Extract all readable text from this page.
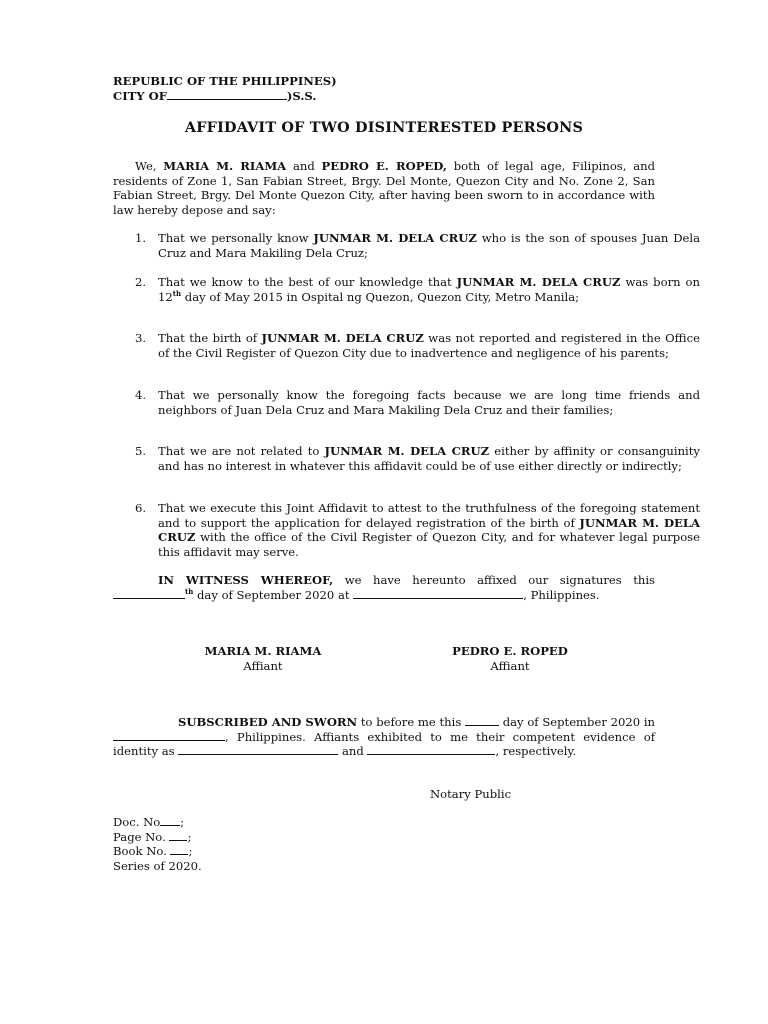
REPUBLIC OF THE PHILIPPINES)
CITY OF	)S.S.
AFFIDAVIT OF TWO DISINTERESTED PERSONS
We, MARIA M. RIAMA and PEDRO E. ROPED, both of legal age, Filipinos, and residents of Zone 1, San Fabian Street, Brgy. Del Monte, Quezon City and No. Zone 2, San Fabian Street, Brgy. Del Monte Quezon City, after having been sworn to in accordance with law hereby depose and say:
1. That we personally know JUNMAR M. DELA CRUZ who is the son of spouses Juan Dela Cruz and Mara Makiling Dela Cruz;
2. That we know to the best of our knowledge that JUNMAR M. DELA CRUZ was born on 12th day of May 2015 in Ospital ng Quezon, Quezon City, Metro Manila;
3. That the birth of JUNMAR M. DELA CRUZ was not reported and registered in the Office of the Civil Register of Quezon City due to inadvertence and negligence of his parents;
4. That we personally know the foregoing facts because we are long time friends and neighbors of Juan Dela Cruz and Mara Makiling Dela Cruz and their families;
5. That we are not related to JUNMAR M. DELA CRUZ either by affinity or consanguinity and has no interest in whatever this affidavit could be of use either directly or indirectly;
6. That we execute this Joint Affidavit to attest to the truthfulness of the foregoing statement and to support the application for delayed registration of the birth of JUNMAR M. DELA CRUZ with the office of the Civil Register of Quezon City, and for whatever legal purpose this affidavit may serve.
IN WITNESS WHEREOF, we have hereunto affixed our signatures this $^{th}$ day of September 2020 at	, Philippines.
MARIA M. RIAMA
Affiant
PEDRO E. ROPED
Affiant
SUBSCRIBED AND SWORN to before me this	day of September 2020 in , Philippines. Affiants exhibited to me their competent evidence of identity as	and	, respectively.
Notary Public
Doc. No ;
Page No. ;
Book No. ;
Series of 2020.
